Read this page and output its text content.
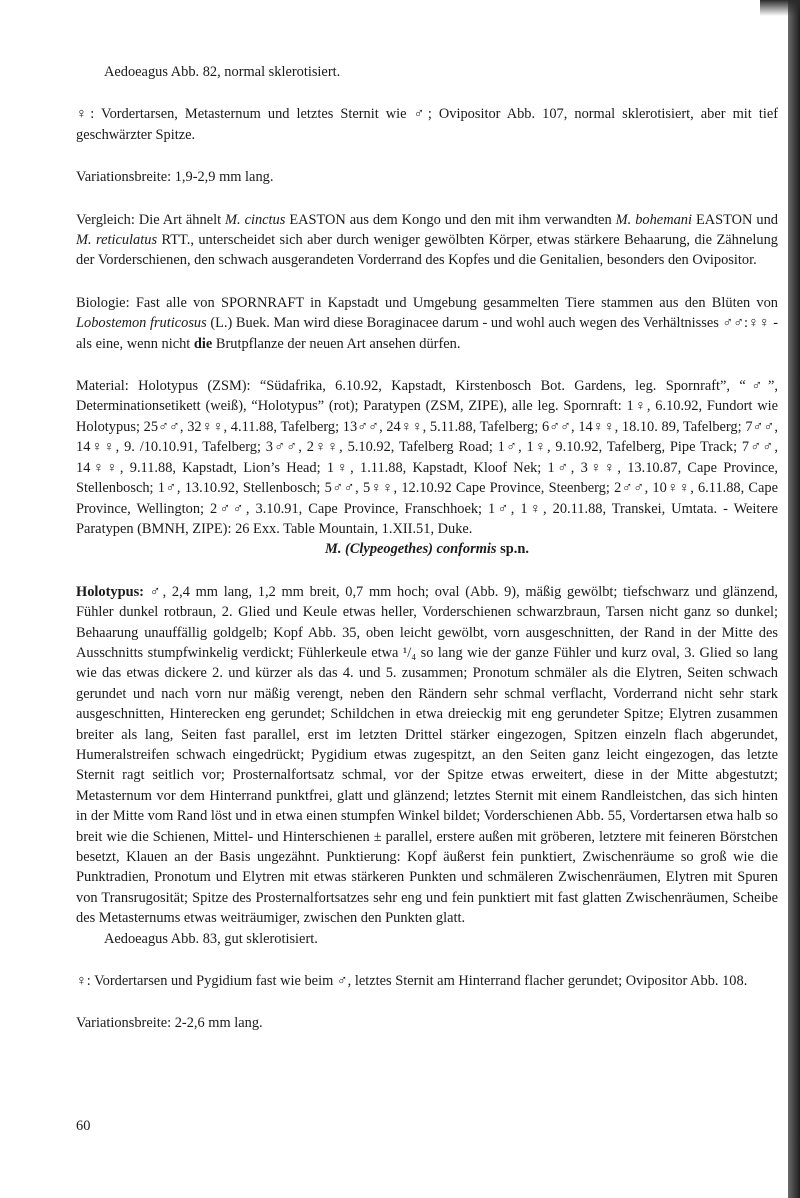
Aedoeagus Abb. 82, normal sklerotisiert.

♀: Vordertarsen, Metasternum und letztes Sternit wie ♂; Ovipositor Abb. 107, normal sklerotisiert, aber mit tief geschwärzter Spitze.

Variationsbreite: 1,9-2,9 mm lang.

Vergleich: Die Art ähnelt M. cinctus EASTON aus dem Kongo und den mit ihm verwandten M. bohemani EASTON und M. reticulatus RTT., unterscheidet sich aber durch weniger gewölbten Körper, etwas stärkere Behaarung, die Zähnelung der Vorderschienen, den schwach ausgerandeten Vorderrand des Kopfes und die Genitalien, besonders den Ovipositor.

Biologie: Fast alle von SPORNRAFT in Kapstadt und Umgebung gesammelten Tiere stammen aus den Blüten von Lobostemon fruticosus (L.) Buek. Man wird diese Boraginacee darum - und wohl auch wegen des Verhältnisses ♂♂:♀♀ - als eine, wenn nicht die Brutpflanze der neuen Art ansehen dürfen.

Material: Holotypus (ZSM): “Südafrika, 6.10.92, Kapstadt, Kirstenbosch Bot. Gardens, leg. Spornraft”, “♂”, Determinationsetikett (weiß), “Holotypus” (rot); Paratypen (ZSM, ZIPE), alle leg. Spornraft: 1♀, 6.10.92, Fundort wie Holotypus; 25♂♂, 32♀♀, 4.11.88, Tafelberg; 13♂♂, 24♀♀, 5.11.88, Tafelberg; 6♂♂, 14♀♀, 18.10. 89, Tafelberg; 7♂♂, 14♀♀, 9. /10.10.91, Tafelberg; 3♂♂, 2♀♀, 5.10.92, Tafelberg Road; 1♂, 1♀, 9.10.92, Tafelberg, Pipe Track; 7♂♂, 14♀♀, 9.11.88, Kapstadt, Lion’s Head; 1♀, 1.11.88, Kapstadt, Kloof Nek; 1♂, 3♀♀, 13.10.87, Cape Province, Stellenbosch; 1♂, 13.10.92, Stellenbosch; 5♂♂, 5♀♀, 12.10.92 Cape Province, Steenberg; 2♂♂, 10♀♀, 6.11.88, Cape Province, Wellington; 2♂♂, 3.10.91, Cape Province, Franschhoek; 1♂, 1♀, 20.11.88, Transkei, Umtata. - Weitere Paratypen (BMNH, ZIPE): 26 Exx. Table Mountain, 1.XII.51, Duke.

M. (Clypeogethes) conformis sp.n.

Holotypus: ♂, 2,4 mm lang, 1,2 mm breit, 0,7 mm hoch; oval (Abb. 9), mäßig gewölbt; tiefschwarz und glänzend, Fühler dunkel rotbraun, 2. Glied und Keule etwas heller, Vorderschienen schwarzbraun, Tarsen nicht ganz so dunkel; Behaarung unauffällig goldgelb; Kopf Abb. 35, oben leicht gewölbt, vorn ausgeschnitten, der Rand in der Mitte des Ausschnitts stumpfwinkelig verdickt; Fühlerkeule etwa ¹/₄ so lang wie der ganze Fühler und kurz oval, 3. Glied so lang wie das etwas dickere 2. und kürzer als das 4. und 5. zusammen; Pronotum schmäler als die Elytren, Seiten schwach gerundet und nach vorn nur mäßig verengt, neben den Rändern sehr schmal verflacht, Vorderrand nicht sehr stark ausgeschnitten, Hinterecken eng gerundet; Schildchen in etwa dreieckig mit eng gerundeter Spitze; Elytren zusammen breiter als lang, Seiten fast parallel, erst im letzten Drittel stärker eingezogen, Spitzen einzeln flach abgerundet, Humeralstreifen schwach eingedrückt; Pygidium etwas zugespitzt, an den Seiten ganz leicht eingezogen, das letzte Sternit ragt seitlich vor; Prosternalfortsatz schmal, vor der Spitze etwas erweitert, diese in der Mitte abgestutzt; Metasternum vor dem Hinterrand punktfrei, glatt und glänzend; letztes Sternit mit einem Randleistchen, das sich hinten in der Mitte vom Rand löst und in etwa einen stumpfen Winkel bildet; Vorderschienen Abb. 55, Vordertarsen etwa halb so breit wie die Schienen, Mittel- und Hinterschienen ± parallel, erstere außen mit gröberen, letztere mit feineren Börstchen besetzt, Klauen an der Basis ungezähnt. Punktierung: Kopf äußerst fein punktiert, Zwischenräume so groß wie die Punktradien, Pronotum und Elytren mit etwas stärkeren Punkten und schmäleren Zwischenräumen, Elytren mit Spuren von Transrugosität; Spitze des Prosternalfortsatzes sehr eng und fein punktiert mit fast glatten Zwischenräumen, Scheibe des Metasternums etwas weiträumiger, zwischen den Punkten glatt.

Aedoeagus Abb. 83, gut sklerotisiert.

♀: Vordertarsen und Pygidium fast wie beim ♂, letztes Sternit am Hinterrand flacher gerundet; Ovipositor Abb. 108.

Variationsbreite: 2-2,6 mm lang.

60
